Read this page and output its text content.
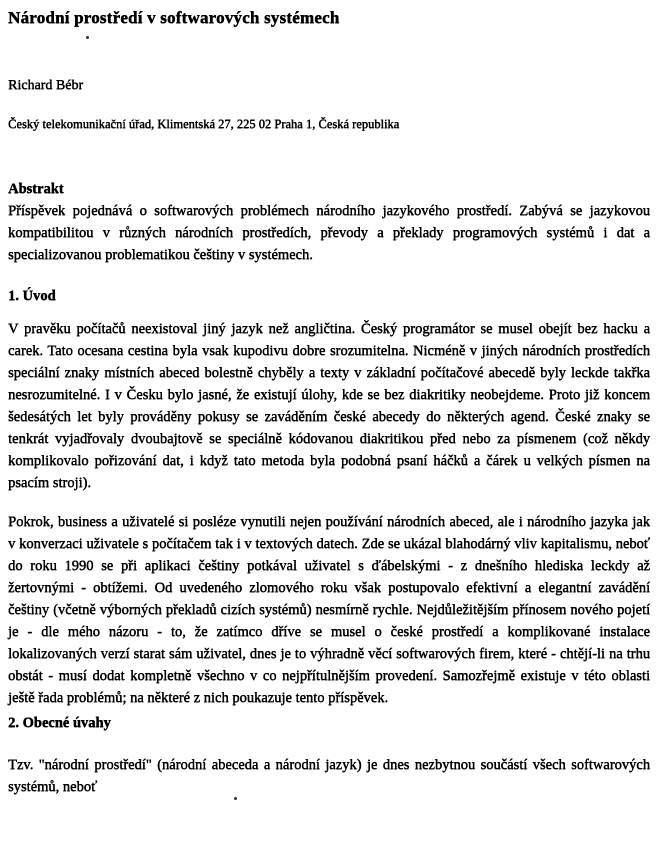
Národní prostředí v softwarových systémech

Richard Bébr

Český telekomunikační úřad, Klimentská 27, 225 02 Praha 1, Česká republika

Abstrakt

Příspěvek pojednává o softwarových problémech národního jazykového prostředí. Zabývá se jazykovou kompatibilitou v různých národních prostředích, převody a překlady programových systémů i dat a specializovanou problematikou češtiny v systémech.

1. Úvod

V pravěku počítačů neexistoval jiný jazyk než angličtina. Český programátor se musel obejít bez hacku a carek. Tato ocesana cestina byla vsak kupodivu dobre srozumitelna. Nicméně v jiných národních prostředích speciální znaky místních abeced bolestně chyběly a texty v základní počítačové abecedě byly leckde takřka nesrozumitelné. I v Česku bylo jasné, že existují úlohy, kde se bez diakritiky neobejdeme. Proto již koncem šedesátých let byly prováděny pokusy se zaváděním české abecedy do některých agend. České znaky se tenkrát vyjadřovaly dvoubajtově se speciálně kódovanou diakritikou před nebo za písmenem (což někdy komplikovalo pořizování dat, i když tato metoda byla podobná psaní háčků a čárek u velkých písmen na psacím stroji).

Pokrok, business a uživatelé si posléze vynutili nejen používání národních abeced, ale i národního jazyka jak v konverzaci uživatele s počítačem tak i v textových datech. Zde se ukázal blahodárný vliv kapitalismu, neboť do roku 1990 se při aplikaci češtiny potkával uživatel s ďábelskými - z dnešního hlediska leckdy až žertovnými - obtížemi. Od uvedeného zlomového roku však postupovalo efektivní a elegantní zavádění češtiny (včetně výborných překladů cizích systémů) nesmírně rychle. Nejdůležitějším přínosem nového pojetí je - dle mého názoru - to, že zatímco dříve se musel o české prostředí a komplikované instalace lokalizovaných verzí starat sám uživatel, dnes je to výhradně věcí softwarových firem, které - chtějí-li na trhu obstát - musí dodat kompletně všechno v co nejpřítulnějším provedení. Samozřejmě existuje v této oblasti ještě řada problémů; na některé z nich poukazuje tento příspěvek.

2. Obecné úvahy

Tzv. "národní prostředí" (národní abeceda a národní jazyk) je dnes nezbytnou součástí všech softwarových systémů, neboť
